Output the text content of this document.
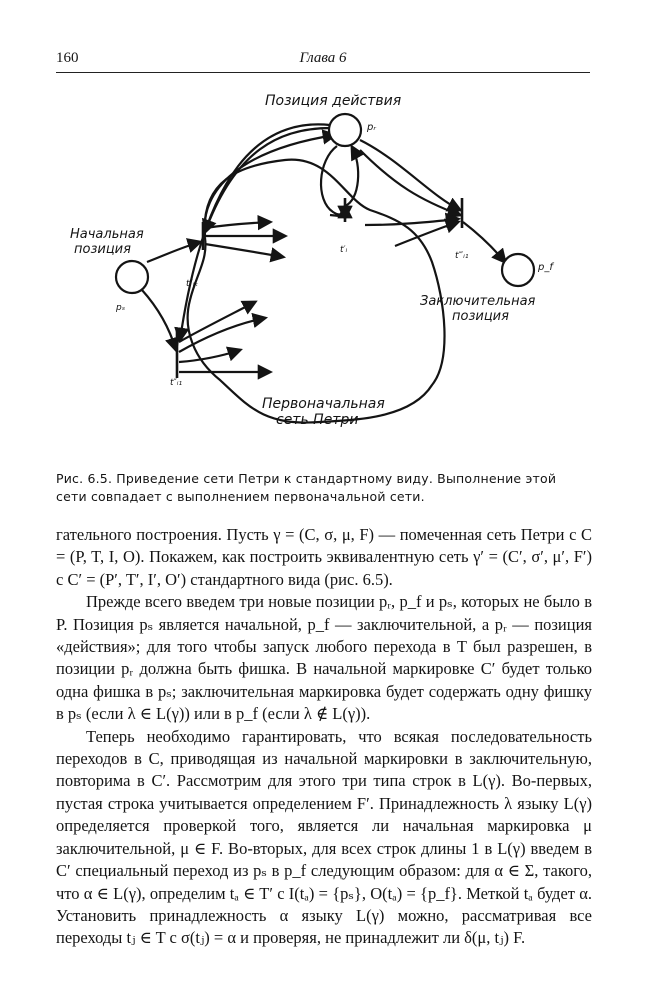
160	Глава 6
Позиция действия
pᵣ
Начальная
позиция
pₛ
p_f
Заключительная
позиция
Первоначальная
сеть Петри
t′ᵢ
t‴ᵢ₁
t″ᵢₖ
t″ᵢ₁
Рис. 6.5. Приведение сети Петри к стандартному виду. Выполнение этой сети совпадает с выполнением первоначальной сети.

гательного построения. Пусть γ = (C, σ, μ, F) — помеченная сеть Петри с C = (P, T, I, O). Покажем, как построить эквивалентную сеть γ′ = (C′, σ′, μ′, F′) с C′ = (P′, T′, I′, O′) стандартного вида (рис. 6.5).

Прежде всего введем три новые позиции pᵣ, p_f и pₛ, которых не было в P. Позиция pₛ является начальной, p_f — заключительной, а pᵣ — позиция «действия»; для того чтобы запуск любого перехода в T был разрешен, в позиции pᵣ должна быть фишка. В начальной маркировке C′ будет только одна фишка в pₛ; заключительная маркировка будет содержать одну фишку в pₛ (если λ ∈ L(γ)) или в p_f (если λ ∉ L(γ)).

Теперь необходимо гарантировать, что всякая последовательность переходов в C, приводящая из начальной маркировки в заключительную, повторима в C′. Рассмотрим для этого три типа строк в L(γ). Во-первых, пустая строка учитывается определением F′. Принадлежность λ языку L(γ) определяется проверкой того, является ли начальная маркировка μ заключительной, μ ∈ F. Во-вторых, для всех строк длины 1 в L(γ) введем в C′ специальный переход из pₛ в p_f следующим образом: для α ∈ Σ, такого, что α ∈ L(γ), определим tₐ ∈ T′ с I(tₐ) = {pₛ}, O(tₐ) = {p_f}. Меткой tₐ будет α. Установить принадлежность α языку L(γ) можно, рассматривая все переходы tⱼ ∈ T с σ(tⱼ) = α и проверяя, не принадлежит ли δ(μ, tⱼ) F.
